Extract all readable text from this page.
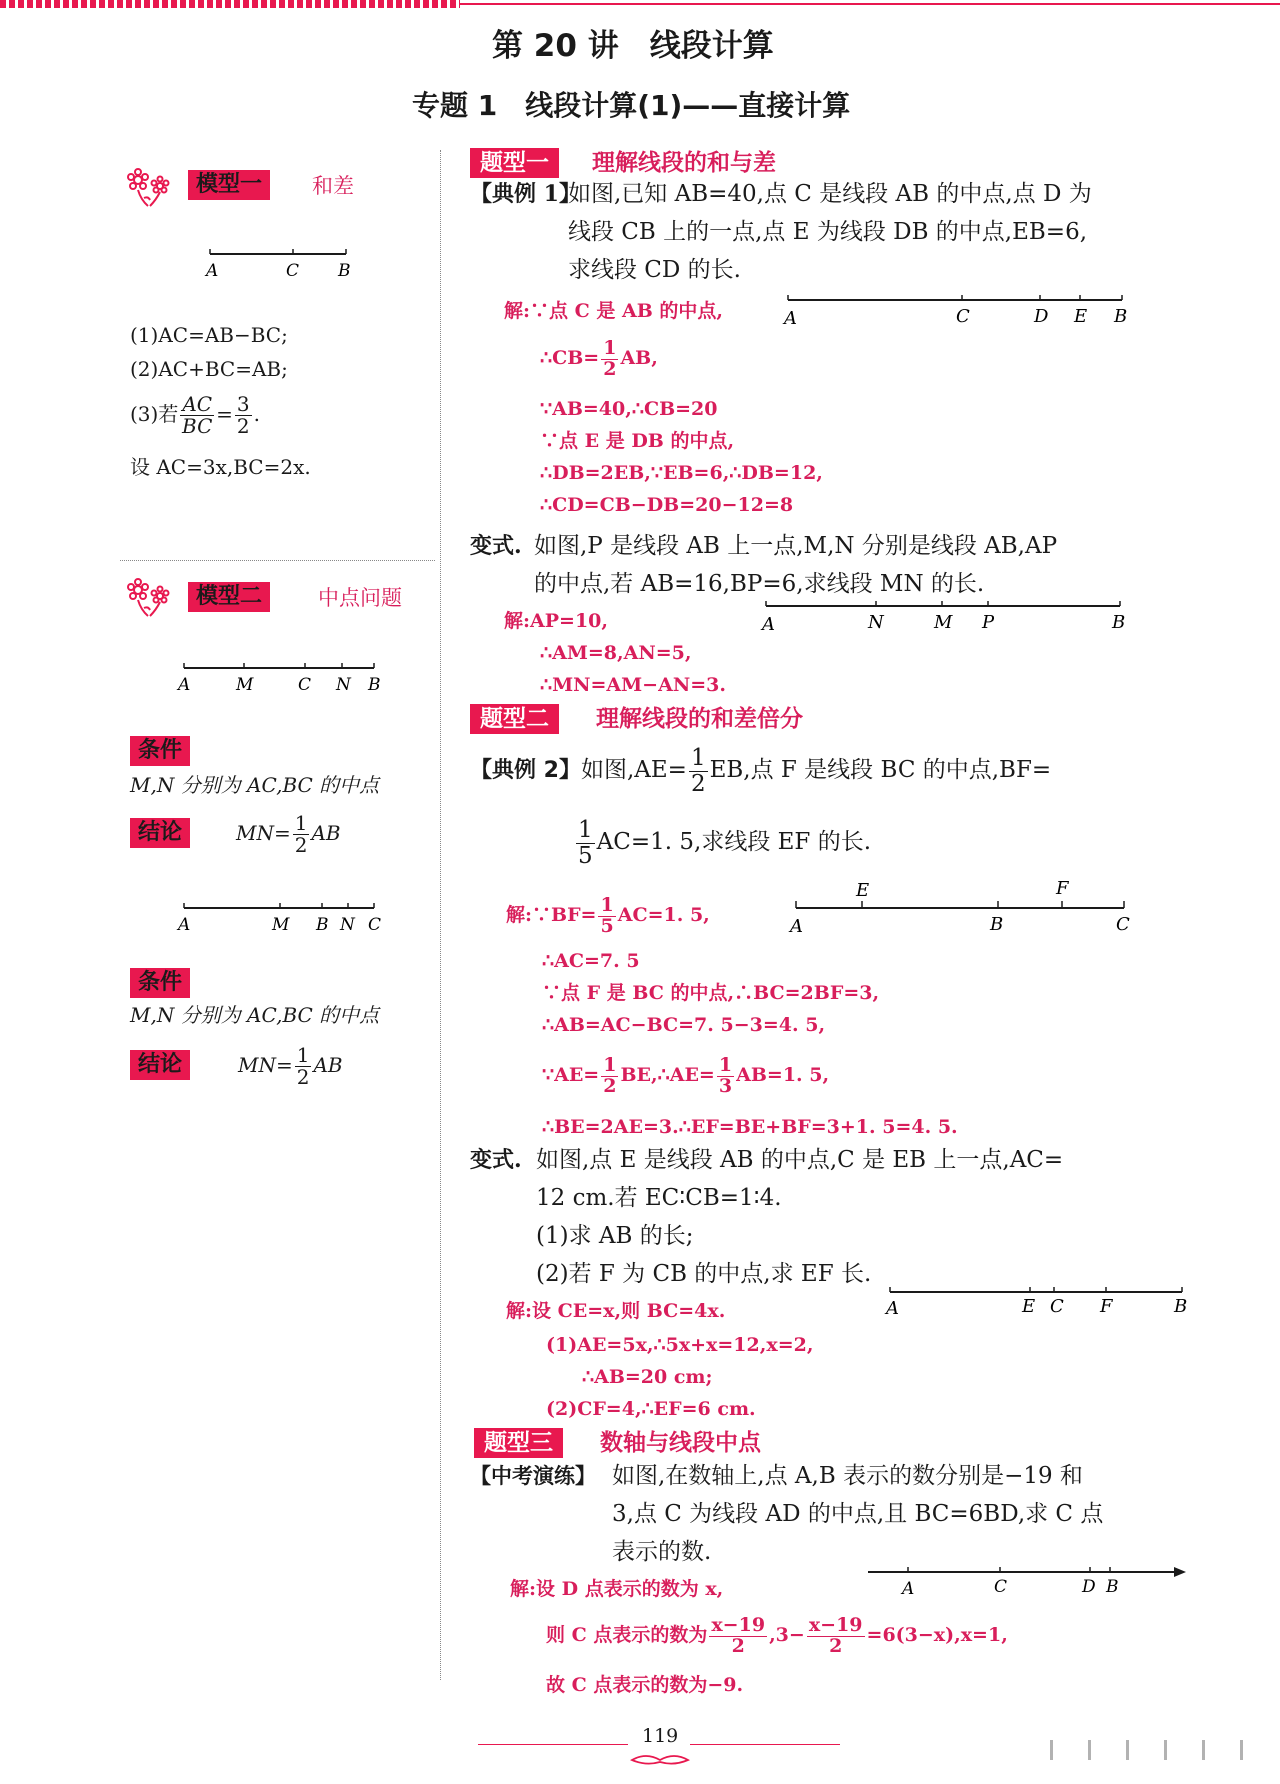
第 20 讲　线段计算
专题 1　线段计算(1)——直接计算
模型一	和差
A	C B
(1)AC=AB−BC;
(2)AC+BC=AB;
(3)若 $\frac{AC}{BC} = \frac{3}{2}$ .
设 AC=3x,BC=2x.
模型二	中点问题
A	M	C N B
条件
M,N 分别为 AC,BC 的中点
结论	$MN= \frac{1}{2}$ AB
A	M B N C
条件
M,N 分别为 AC,BC 的中点
结论	$MN= \frac{1}{2}$ AB
题型一	理解线段的和与差
【典例 1】
如图,已知 AB=40,点 C 是线段 AB 的中点,点 D 为
线段 CB 上的一点,点 E 为线段 DB 的中点,EB=6,
求线段 CD 的长.
解:∵点 C 是 AB 的中点,
∴CB= $\frac{1}{2}$ AB,
∵AB=40,∴CB=20
∵点 E 是 DB 的中点,
∴DB=2EB,∵EB=6,∴DB=12,
∴CD=CB−DB=20−12=8
A	C	D E B
变式. 如图,P 是线段 AB 上一点,M,N 分别是线段 AB,AP
的中点,若 AB=16,BP=6,求线段 MN 的长.
解:AP=10,
∴AM=8,AN=5,
∴MN=AM−AN=3.
A	N	M P	B
题型二	理解线段的和差倍分
【典例 2】如图$,AE= \frac{1}{2}$ EB,点 F 是线段 BC 的中点,BF=
$\frac{1}{5} AC=1$. 5,求线段 EF 的长.
解:∵BF= $\frac{1}{5} AC=1$. 5,
∴AC=7. 5
∵点 F 是 BC 的中点,∴BC=2BF=3,
∴AB=AC−BC=7. 5−3=4. 5,
∵AE= $\frac{1}{2}$ BE,∴AE= $\frac{1}{3} AB=1$. 5,
∴BE=2AE=3.∴EF=BE+BF=3+1. 5=4. 5.
E	F
A	B	C
变式. 如图,点 E 是线段 AB 的中点,C 是 EB 上一点,AC=
12 cm.若 EC∶CB=1∶4.
(1)求 AB 的长;
(2)若 F 为 CB 的中点,求 EF 长.
解:设 CE=x,则 BC=4x.
(1)AE=5x,∴5x+x=12,x=2,
∴AB=20 cm;
(2)CF=4,∴EF=6 cm.
A	E C F	B
题型三	数轴与线段中点
【中考演练】 如图,在数轴上,点 A,B 表示的数分别是−19 和
3,点 C 为线段 AD 的中点,且 BC=6BD,求 C 点
表示的数.
解:设 D 点表示的数为 x,
则 C 点表示的数为 $\frac{x-19}{2} ,3- \frac{x-19}{2} =6(3-x),x=1$,
故 C 点表示的数为−9.
A	C	D B
119
